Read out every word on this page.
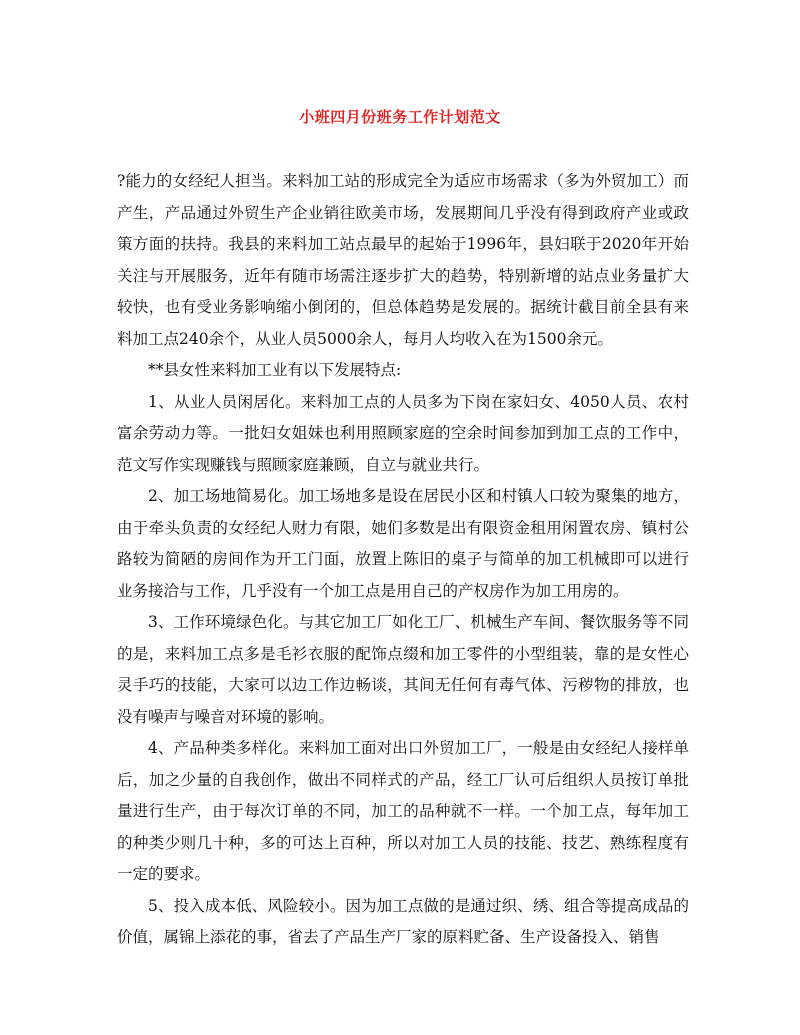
小班四月份班务工作计划范文

?能力的女经纪人担当。来料加工站的形成完全为适应市场需求（多为外贸加工）而产生，产品通过外贸生产企业销往欧美市场，发展期间几乎没有得到政府产业或政策方面的扶持。我县的来料加工站点最早的起始于1996年，县妇联于2020年开始关注与开展服务，近年有随市场需注逐步扩大的趋势，特别新增的站点业务量扩大较快，也有受业务影响缩小倒闭的，但总体趋势是发展的。据统计截目前全县有来料加工点240余个，从业人员5000余人，每月人均收入在为1500余元。

**县女性来料加工业有以下发展特点:

1、从业人员闲居化。来料加工点的人员多为下岗在家妇女、4050人员、农村富余劳动力等。一批妇女姐妹也利用照顾家庭的空余时间参加到加工点的工作中，范文写作实现赚钱与照顾家庭兼顾，自立与就业共行。

2、加工场地简易化。加工场地多是设在居民小区和村镇人口较为聚集的地方，由于牵头负责的女经纪人财力有限，她们多数是出有限资金租用闲置农房、镇村公路较为简陋的房间作为开工门面，放置上陈旧的桌子与简单的加工机械即可以进行业务接洽与工作，几乎没有一个加工点是用自己的产权房作为加工用房的。

3、工作环境绿色化。与其它加工厂如化工厂、机械生产车间、餐饮服务等不同的是，来料加工点多是毛衫衣服的配饰点缀和加工零件的小型组装，靠的是女性心灵手巧的技能，大家可以边工作边畅谈，其间无任何有毒气体、污秽物的排放，也没有噪声与噪音对环境的影响。

4、产品种类多样化。来料加工面对出口外贸加工厂，一般是由女经纪人接样单后，加之少量的自我创作，做出不同样式的产品，经工厂认可后组织人员按订单批量进行生产，由于每次订单的不同，加工的品种就不一样。一个加工点，每年加工的种类少则几十种，多的可达上百种，所以对加工人员的技能、技艺、熟练程度有一定的要求。

5、投入成本低、风险较小。因为加工点做的是通过织、绣、组合等提高成品的价值，属锦上添花的事，省去了产品生产厂家的原料贮备、生产设备投入、销售
